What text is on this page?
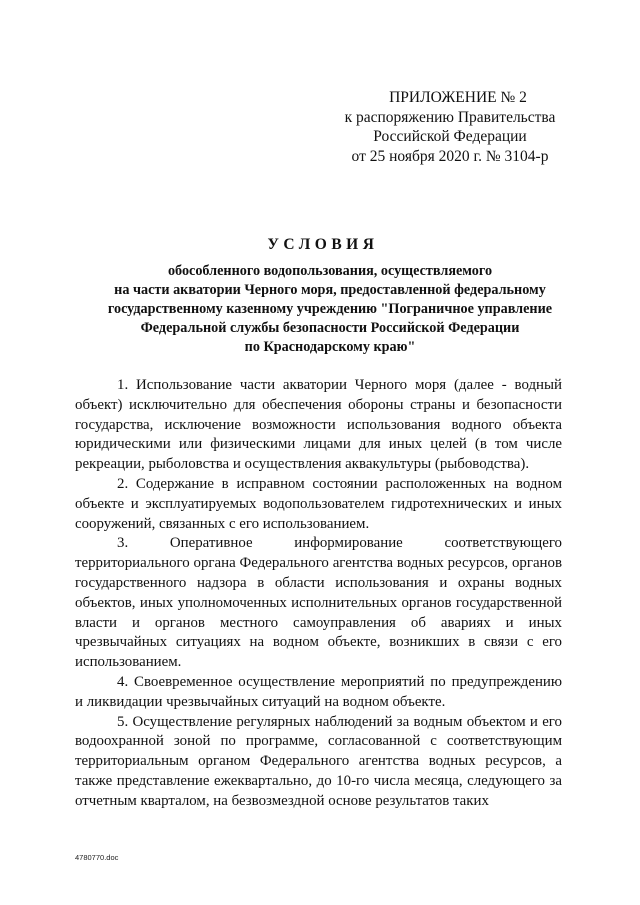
ПРИЛОЖЕНИЕ № 2
к распоряжению Правительства
Российской Федерации
от 25 ноября 2020 г. № 3104-р
УСЛОВИЯ
обособленного водопользования, осуществляемого
на части акватории Черного моря, предоставленной федеральному
государственному казенному учреждению "Пограничное управление
Федеральной службы безопасности Российской Федерации
по Краснодарскому краю"

1. Использование части акватории Черного моря (далее - водный объект) исключительно для обеспечения обороны страны и безопасности государства, исключение возможности использования водного объекта юридическими или физическими лицами для иных целей (в том числе рекреации, рыболовства и осуществления аквакультуры (рыбоводства).

2. Содержание в исправном состоянии расположенных на водном объекте и эксплуатируемых водопользователем гидротехнических и иных сооружений, связанных с его использованием.

3. Оперативное информирование соответствующего территориального органа Федерального агентства водных ресурсов, органов государственного надзора в области использования и охраны водных объектов, иных уполномоченных исполнительных органов государственной власти и органов местного самоуправления об авариях и иных чрезвычайных ситуациях на водном объекте, возникших в связи с его использованием.

4. Своевременное осуществление мероприятий по предупреждению и ликвидации чрезвычайных ситуаций на водном объекте.

5. Осуществление регулярных наблюдений за водным объектом и его водоохранной зоной по программе, согласованной с соответствующим территориальным органом Федерального агентства водных ресурсов, а также представление ежеквартально, до 10-го числа месяца, следующего за отчетным кварталом, на безвозмездной основе результатов таких

4780770.doc
